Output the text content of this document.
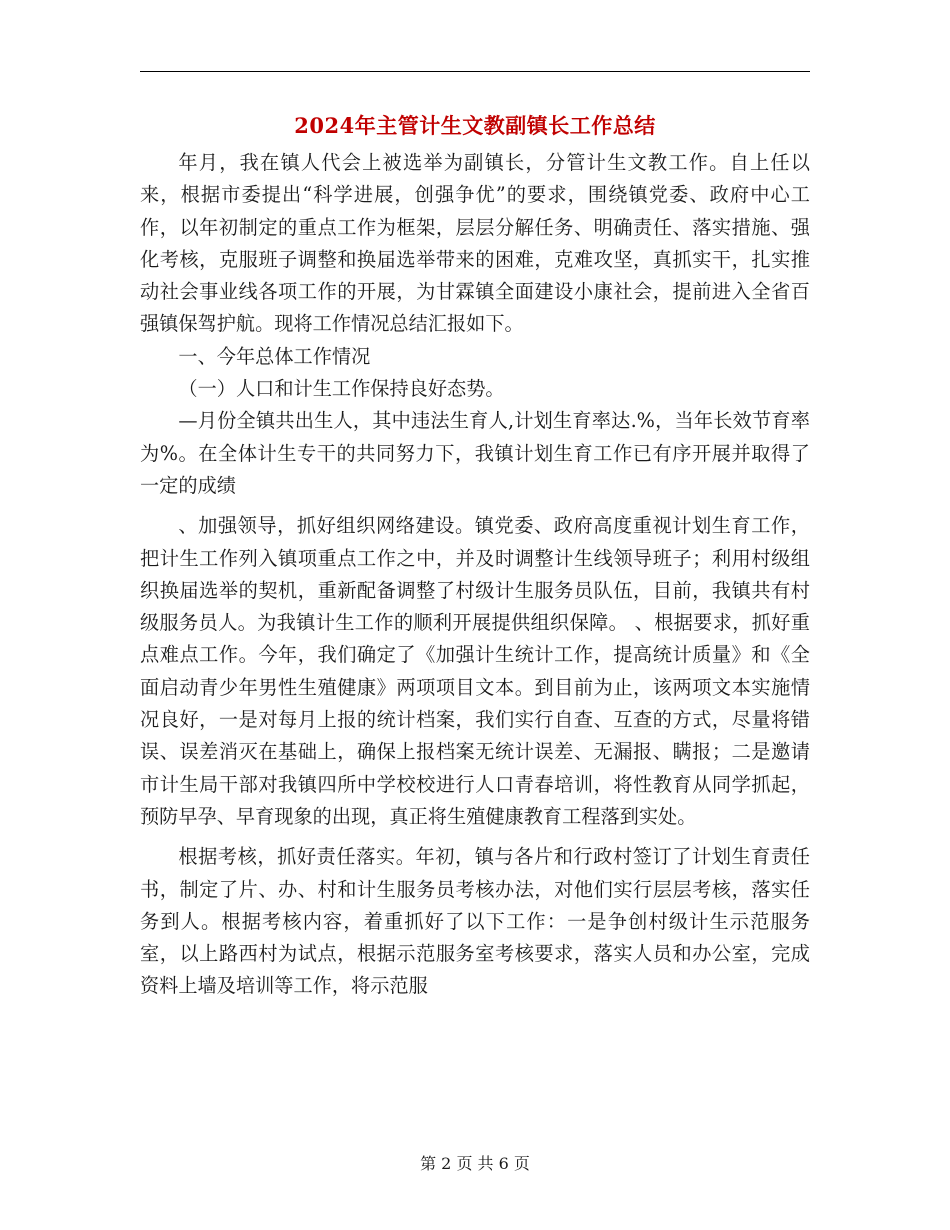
2024年主管计生文教副镇长工作总结

年月，我在镇人代会上被选举为副镇长，分管计生文教工作。自上任以来，根据市委提出“科学进展，创强争优”的要求，围绕镇党委、政府中心工作，以年初制定的重点工作为框架，层层分解任务、明确责任、落实措施、强化考核，克服班子调整和换届选举带来的困难，克难攻坚，真抓实干，扎实推动社会事业线各项工作的开展，为甘霖镇全面建设小康社会，提前进入全省百强镇保驾护航。现将工作情况总结汇报如下。

一、今年总体工作情况

（一）人口和计生工作保持良好态势。

—月份全镇共出生人，其中违法生育人,计划生育率达.%，当年长效节育率为%。在全体计生专干的共同努力下，我镇计划生育工作已有序开展并取得了一定的成绩

、加强领导，抓好组织网络建设。镇党委、政府高度重视计划生育工作，把计生工作列入镇项重点工作之中，并及时调整计生线领导班子；利用村级组织换届选举的契机，重新配备调整了村级计生服务员队伍，目前，我镇共有村级服务员人。为我镇计生工作的顺利开展提供组织保障。 、根据要求，抓好重点难点工作。今年，我们确定了《加强计生统计工作，提高统计质量》和《全面启动青少年男性生殖健康》两项项目文本。到目前为止，该两项文本实施情况良好，一是对每月上报的统计档案，我们实行自查、互查的方式，尽量将错误、误差消灭在基础上，确保上报档案无统计误差、无漏报、瞒报；二是邀请市计生局干部对我镇四所中学校校进行人口青春培训，将性教育从同学抓起，预防早孕、早育现象的出现，真正将生殖健康教育工程落到实处。

根据考核，抓好责任落实。年初，镇与各片和行政村签订了计划生育责任书，制定了片、办、村和计生服务员考核办法，对他们实行层层考核，落实任务到人。根据考核内容，着重抓好了以下工作：一是争创村级计生示范服务室，以上路西村为试点，根据示范服务室考核要求，落实人员和办公室，完成资料上墙及培训等工作，将示范服

第 2 页 共 6 页
